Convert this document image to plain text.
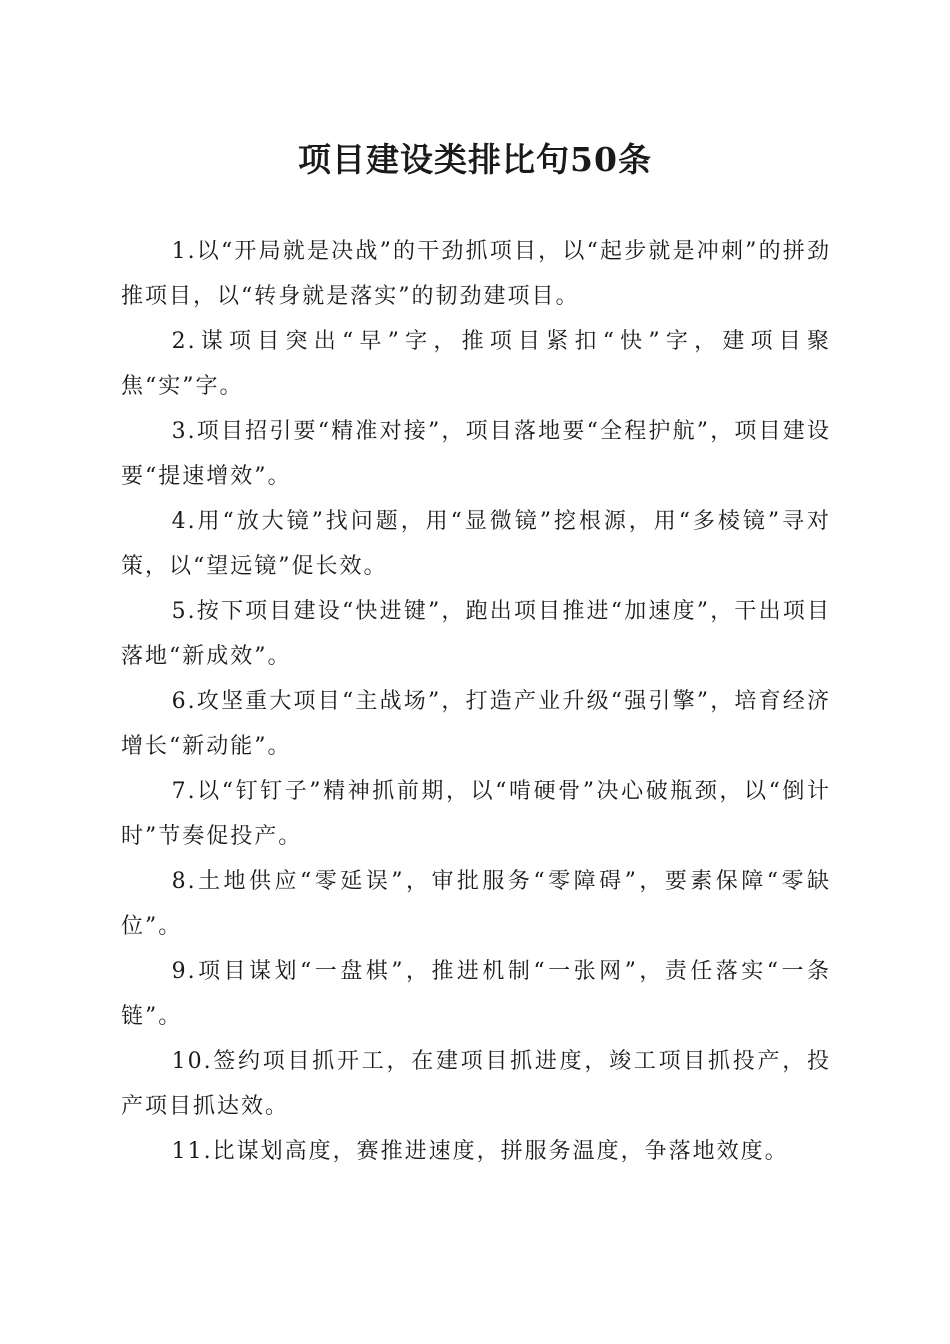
项目建设类排比句50条

1.以“开局就是决战”的干劲抓项目，以“起步就是冲刺”的拼劲推项目，以“转身就是落实”的韧劲建项目。

2.谋项目突出“早”字，推项目紧扣“快”字，建项目聚焦“实”字。

3.项目招引要“精准对接”，项目落地要“全程护航”，项目建设要“提速增效”。

4.用“放大镜”找问题，用“显微镜”挖根源，用“多棱镜”寻对策，以“望远镜”促长效。

5.按下项目建设“快进键”，跑出项目推进“加速度”，干出项目落地“新成效”。

6.攻坚重大项目“主战场”，打造产业升级“强引擎”，培育经济增长“新动能”。

7.以“钉钉子”精神抓前期，以“啃硬骨”决心破瓶颈，以“倒计时”节奏促投产。

8.土地供应“零延误”，审批服务“零障碍”，要素保障“零缺位”。

9.项目谋划“一盘棋”，推进机制“一张网”，责任落实“一条链”。

10.签约项目抓开工，在建项目抓进度，竣工项目抓投产，投产项目抓达效。

11.比谋划高度，赛推进速度，拼服务温度，争落地效度。
